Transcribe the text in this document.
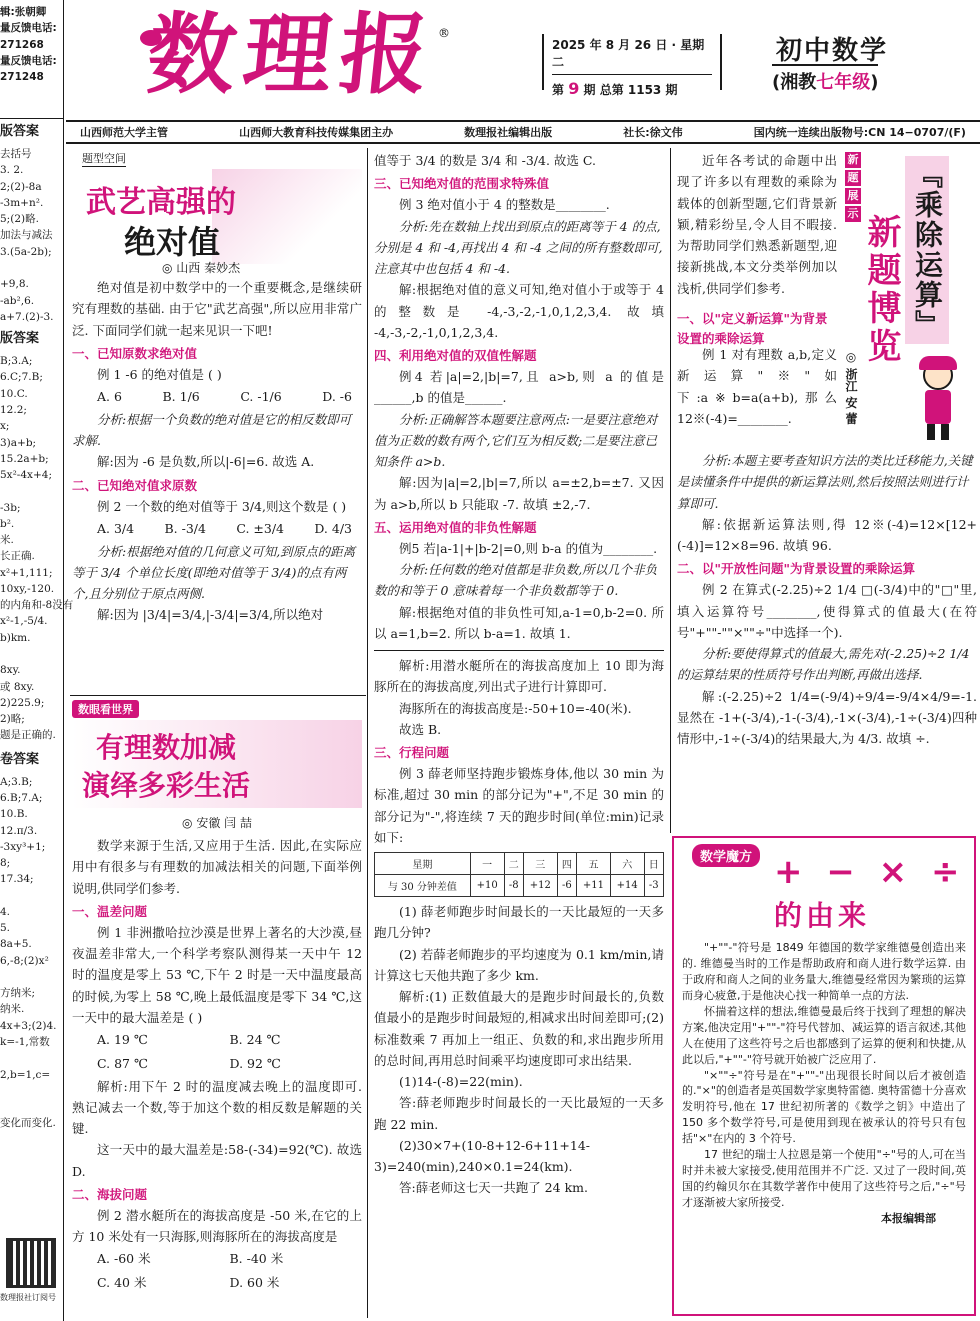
辑:张朝卿
量反馈电话:
271268
量反馈电话:
271248
版答案
去括号
3. 2.
2;(2)-8a
-3m+n².
5;(2)略.
加法与减法
3.(5a-2b);

+9,8.
-ab²,6.
a+7.(2)-3.
版答案
B;3.A;
6.C;7.B;
10.C.
12.2;
x;
3)a+b;
15.2a+b;
5x²-4x+4;

-3b;
b².
米.
长正确.
x²+1,111;
10xy,-120.
的内角和-8没有
x²-1,-5/4.
b)km.

8xy.
或 8xy.
2)225.9;
2)略;
题是正确的.
卷答案
A;3.B;
6.B;7.A;
10.B.
12.π/3.
-3xy³+1;
8;
17.34;

4.
5.
8a+5.
6,-8;(2)x²

方纳米;
纳米.
4x+3;(2)4.
k=-1,常数

2,b=1,c=

变化而变化.
数理报社订阅号
数理报
®
2025 年 8 月 26 日 · 星期二
第 9 期 总第 1153 期
初中数学
(湘教七年级)
山西师范大学主管	山西师大教育科技传媒集团主办	数理报社编辑出版	社长:徐文伟	国内统一连续出版物号:CN 14−0707/(F)
题型空间
武艺高强的
绝对值
◎ 山西 秦妙杰
绝对值是初中数学中的一个重要概念,是继续研究有理数的基础. 由于它"武艺高强",所以应用非常广泛. 下面同学们就一起来见识一下吧!
一、已知原数求绝对值
例 1 -6 的绝对值是 ( )
A. 6	B. 1/6	C. -1/6	D. -6
分析:根据一个负数的绝对值是它的相反数即可求解.
解:因为 -6 是负数,所以|-6|=6. 故选 A.
二、已知绝对值求原数
例 2 一个数的绝对值等于 3/4,则这个数是 ( )
A. 3/4	B. -3/4	C. ±3/4	D. 4/3
分析:根据绝对值的几何意义可知,到原点的距离等于 3/4 个单位长度(即绝对值等于 3/4)的点有两个,且分别位于原点两侧.
解:因为 |3/4|=3/4,|-3/4|=3/4,所以绝对
数眼看世界
有理数加减
演绎多彩生活
◎ 安徽 闫 喆
数学来源于生活,又应用于生活. 因此,在实际应用中有很多与有理数的加减法相关的问题,下面举例说明,供同学们参考.
一、温差问题
例 1 非洲撒哈拉沙漠是世界上著名的大沙漠,昼夜温差非常大,一个科学考察队测得某一天中午 12 时的温度是零上 53 ℃,下午 2 时是一天中温度最高的时候,为零上 58 ℃,晚上最低温度是零下 34 ℃,这一天中的最大温差是 ( )
A. 19 ℃	B. 24 ℃
C. 87 ℃	D. 92 ℃
解析:用下午 2 时的温度减去晚上的温度即可. 熟记减去一个数,等于加这个数的相反数是解题的关键.
这一天中的最大温差是:58-(-34)=92(℃). 故选 D.
二、海拔问题
例 2 潜水艇所在的海拔高度是 -50 米,在它的上方 10 米处有一只海豚,则海豚所在的海拔高度是
A. -60 米	B. -40 米
C. 40 米	D. 60 米
值等于 3/4 的数是 3/4 和 -3/4. 故选 C.
三、已知绝对值的范围求特殊值
例 3 绝对值小于 4 的整数是________.
分析:先在数轴上找出到原点的距离等于 4 的点,分别是 4 和 -4,再找出 4 和 -4 之间的所有整数即可,注意其中也包括 4 和 -4.
解:根据绝对值的意义可知,绝对值小于或等于 4 的整数是 -4,-3,-2,-1,0,1,2,3,4. 故填 -4,-3,-2,-1,0,1,2,3,4.
四、利用绝对值的双值性解题
例4 若|a|=2,|b|=7,且 a>b,则 a 的值是______,b 的值是______.
分析:正确解答本题要注意两点:一是要注意绝对值为正数的数有两个,它们互为相反数;二是要注意已知条件 a>b.
解:因为|a|=2,|b|=7,所以 a=±2,b=±7. 又因为 a>b,所以 b 只能取 -7. 故填 ±2,-7.
五、运用绝对值的非负性解题
例5 若|a-1|+|b-2|=0,则 b-a 的值为________.
分析:任何数的绝对值都是非负数,所以几个非负数的和等于 0 意味着每一个非负数都等于 0.
解:根据绝对值的非负性可知,a-1=0,b-2=0. 所以 a=1,b=2. 所以 b-a=1. 故填 1.
解析:用潜水艇所在的海拔高度加上 10 即为海豚所在的海拔高度,列出式子进行计算即可.
海豚所在的海拔高度是:-50+10=-40(米).
故选 B.
三、行程问题
例 3 薛老师坚持跑步锻炼身体,他以 30 min 为标准,超过 30 min 的部分记为"+",不足 30 min 的部分记为"-",将连续 7 天的跑步时间(单位:min)记录如下:
星期	一	二	三	四	五	六	日
与 30 分钟差值	+10	-8	+12	-6	+11	+14	-3
(1) 薛老师跑步时间最长的一天比最短的一天多跑几分钟?
(2) 若薛老师跑步的平均速度为 0.1 km/min,请计算这七天他共跑了多少 km.
解析:(1) 正数值最大的是跑步时间最长的,负数值最小的是跑步时间最短的,相减求出时间差即可;(2) 标准数乘 7 再加上一组正、负数的和,求出跑步所用的总时间,再用总时间乘平均速度即可求出结果.
(1)14-(-8)=22(min).
答:薛老师跑步时间最长的一天比最短的一天多跑 22 min.
(2)30×7+(10-8+12-6+11+14-3)=240(min),240×0.1=24(km).
答:薛老师这七天一共跑了 24 km.
近年各考试的命题中出现了许多以有理数的乘除为载体的创新型题,它们背景新颖,精彩纷呈,令人目不暇接. 为帮助同学们熟悉新题型,迎接新挑战,本文分类举例加以浅析,供同学们参考.
新
题
展
示 『乘除运算』
新题博览
◎ 浙江 安 蕾
一、以"定义新运算"为背景设置的乘除运算
例 1 对有理数 a,b,定义新运算"※"如下:a※b=a(a+b),那么 12※(-4)=________.
分析:本题主要考查知识方法的类比迁移能力,关键是读懂条件中提供的新运算法则,然后按照法则进行计算即可.
解:依据新运算法则,得 12※(-4)=12×[12+(-4)]=12×8=96. 故填 96.
二、以"开放性问题"为背景设置的乘除运算
例 2 在算式(-2.25)÷2 1/4 □(-3/4)中的"□"里,填入运算符号________,使得算式的值最大(在符号"+""-""×""÷"中选择一个).
分析:要使得算式的值最大,需先对(-2.25)÷2 1/4 的运算结果的性质符号作出判断,再做出选择.
解:(-2.25)÷2 1/4=(-9/4)÷9/4=-9/4×4/9=-1. 显然在 -1+(-3/4),-1-(-3/4),-1×(-3/4),-1÷(-3/4)四种情形中,-1÷(-3/4)的结果最大,为 4/3. 故填 ÷.
数学魔方 + − × ÷
的由来
"+""-"符号是 1849 年德国的数学家维德曼创造出来的. 维德曼当时的工作是帮助政府和商人进行数学运算. 由于政府和商人之间的业务量大,维德曼经常因为繁琐的运算而身心疲惫,于是他决心找一种简单一点的方法.
怀揣着这样的想法,维德曼最后终于找到了理想的解决方案,他决定用"+""-"符号代替加、减运算的语言叙述,其他人在使用了这些符号之后也都感到了运算的便利和快捷,从此以后,"+""-"符号就开始被广泛应用了.
"×""÷"符号是在"+""-"出现很长时间以后才被创造的."×"的创造者是英国数学家奥特雷德. 奥特雷德十分喜欢发明符号,他在 17 世纪初所著的《数学之钥》中造出了 150 多个数学符号,可是使用到现在被承认的符号只有包括"×"在内的 3 个符号.
17 世纪的瑞士人拉恩是第一个使用"÷"号的人,可在当时并未被大家接受,使用范围并不广泛. 又过了一段时间,英国的约翰贝尔在其数学著作中使用了这些符号之后,"÷"号才逐渐被大家所接受.
本报编辑部
